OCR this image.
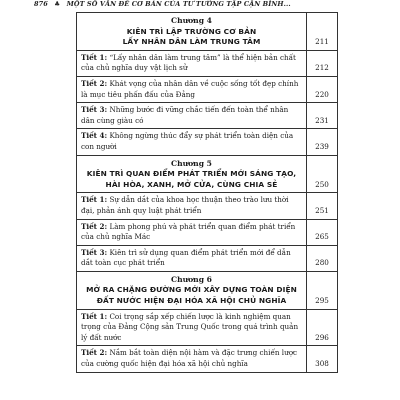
876 ♣ MỘT SỐ VẤN ĐỀ CƠ BẢN CỦA TƯ TƯỞNG TẬP CẬN BÌNH...
Chương 4
KIÊN TRÌ LẬP TRƯỜNG CƠ BẢN
LẤY NHÂN DÂN LÀM TRUNG TÂM	211
Tiết 1: “Lấy nhân dân làm trung tâm” là thể hiện bản chất của chủ nghĩa duy vật lịch sử	212
Tiết 2: Khát vọng của nhân dân về cuộc sống tốt đẹp chính là mục tiêu phấn đấu của Đảng	220
Tiết 3: Những bước đi vững chắc tiến đến toàn thể nhân dân cùng giàu có	231
Tiết 4: Không ngừng thúc đẩy sự phát triển toàn diện của con người	239
Chương 5
KIÊN TRÌ QUAN ĐIỂM PHÁT TRIỂN MỚI SÁNG TẠO,
HÀI HÒA, XANH, MỞ CỬA, CÙNG CHIA SẺ	250
Tiết 1: Sự dẫn dắt của khoa học thuận theo trào lưu thời đại, phản ánh quy luật phát triển	251
Tiết 2: Làm phong phú và phát triển quan điểm phát triển của chủ nghĩa Mác	265
Tiết 3: Kiên trì sử dụng quan điểm phát triển mới để dẫn dắt toàn cục phát triển	280
Chương 6
MỞ RA CHẶNG ĐƯỜNG MỚI XÂY DỰNG TOÀN DIỆN
ĐẤT NƯỚC HIỆN ĐẠI HÓA XÃ HỘI CHỦ NGHĨA	295
Tiết 1: Coi trọng sắp xếp chiến lược là kinh nghiệm quan trọng của Đảng Cộng sản Trung Quốc trong quá trình quản lý đất nước	296
Tiết 2: Nắm bắt toàn diện nội hàm và đặc trưng chiến lược của cường quốc hiện đại hóa xã hội chủ nghĩa	308
